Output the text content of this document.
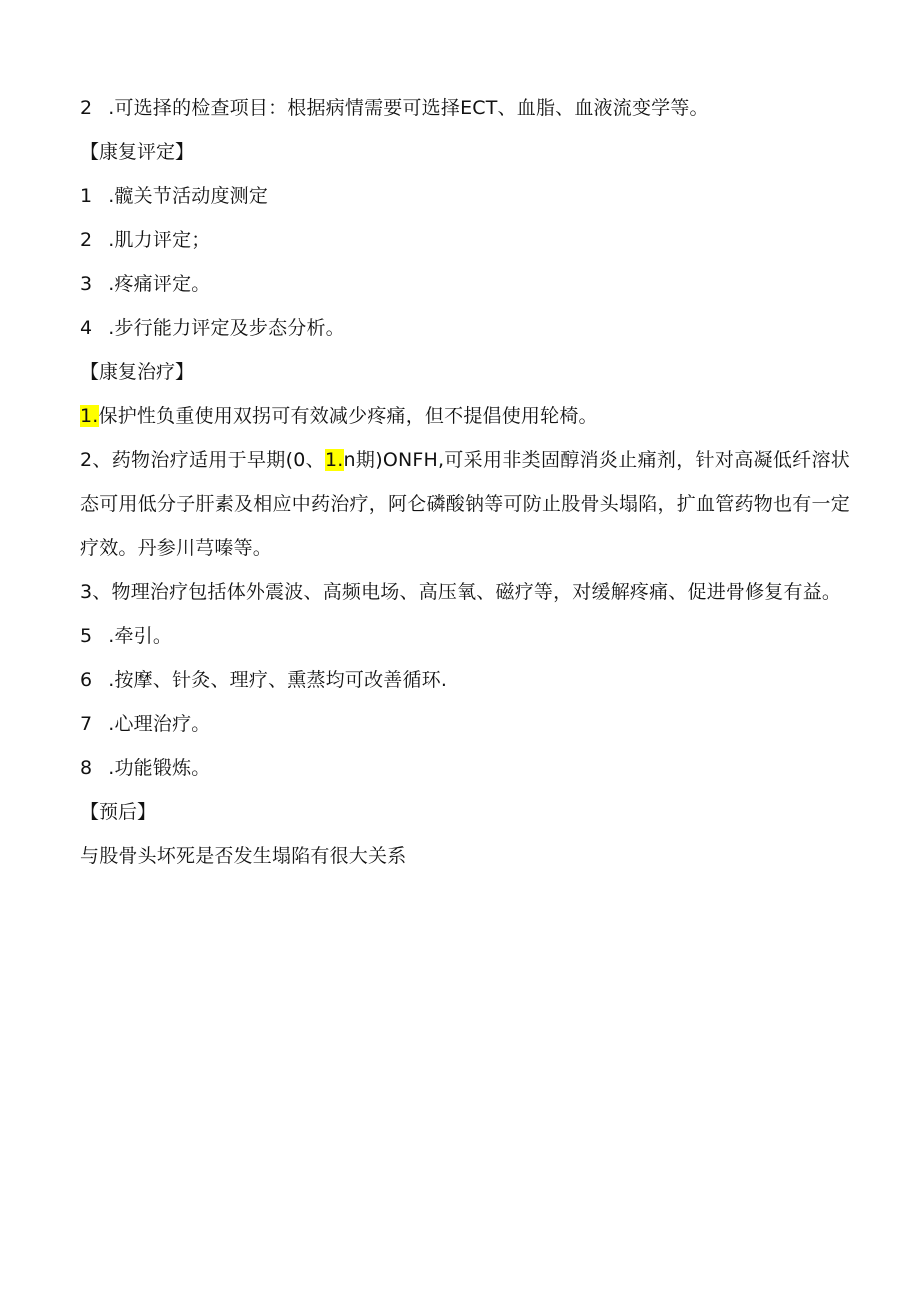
2 .可选择的检查项目：根据病情需要可选择ECT、血脂、血液流变学等。
【康复评定】
1 .髋关节活动度测定
2 .肌力评定；
3 .疼痛评定。
4 .步行能力评定及步态分析。
【康复治疗】
1.保护性负重使用双拐可有效减少疼痛，但不提倡使用轮椅。
2、药物治疗适用于早期(0、1.n期)ONFH,可采用非类固醇消炎止痛剂，针对高凝低纤溶状态可用低分子肝素及相应中药治疗，阿仑磷酸钠等可防止股骨头塌陷，扩血管药物也有一定疗效。丹参川芎嗪等。
3、物理治疗包括体外震波、高频电场、高压氧、磁疗等，对缓解疼痛、促进骨修复有益。
5 .牵引。
6 .按摩、针灸、理疗、熏蒸均可改善循环.
7 .心理治疗。
8 .功能锻炼。
【预后】
与股骨头坏死是否发生塌陷有很大关系
